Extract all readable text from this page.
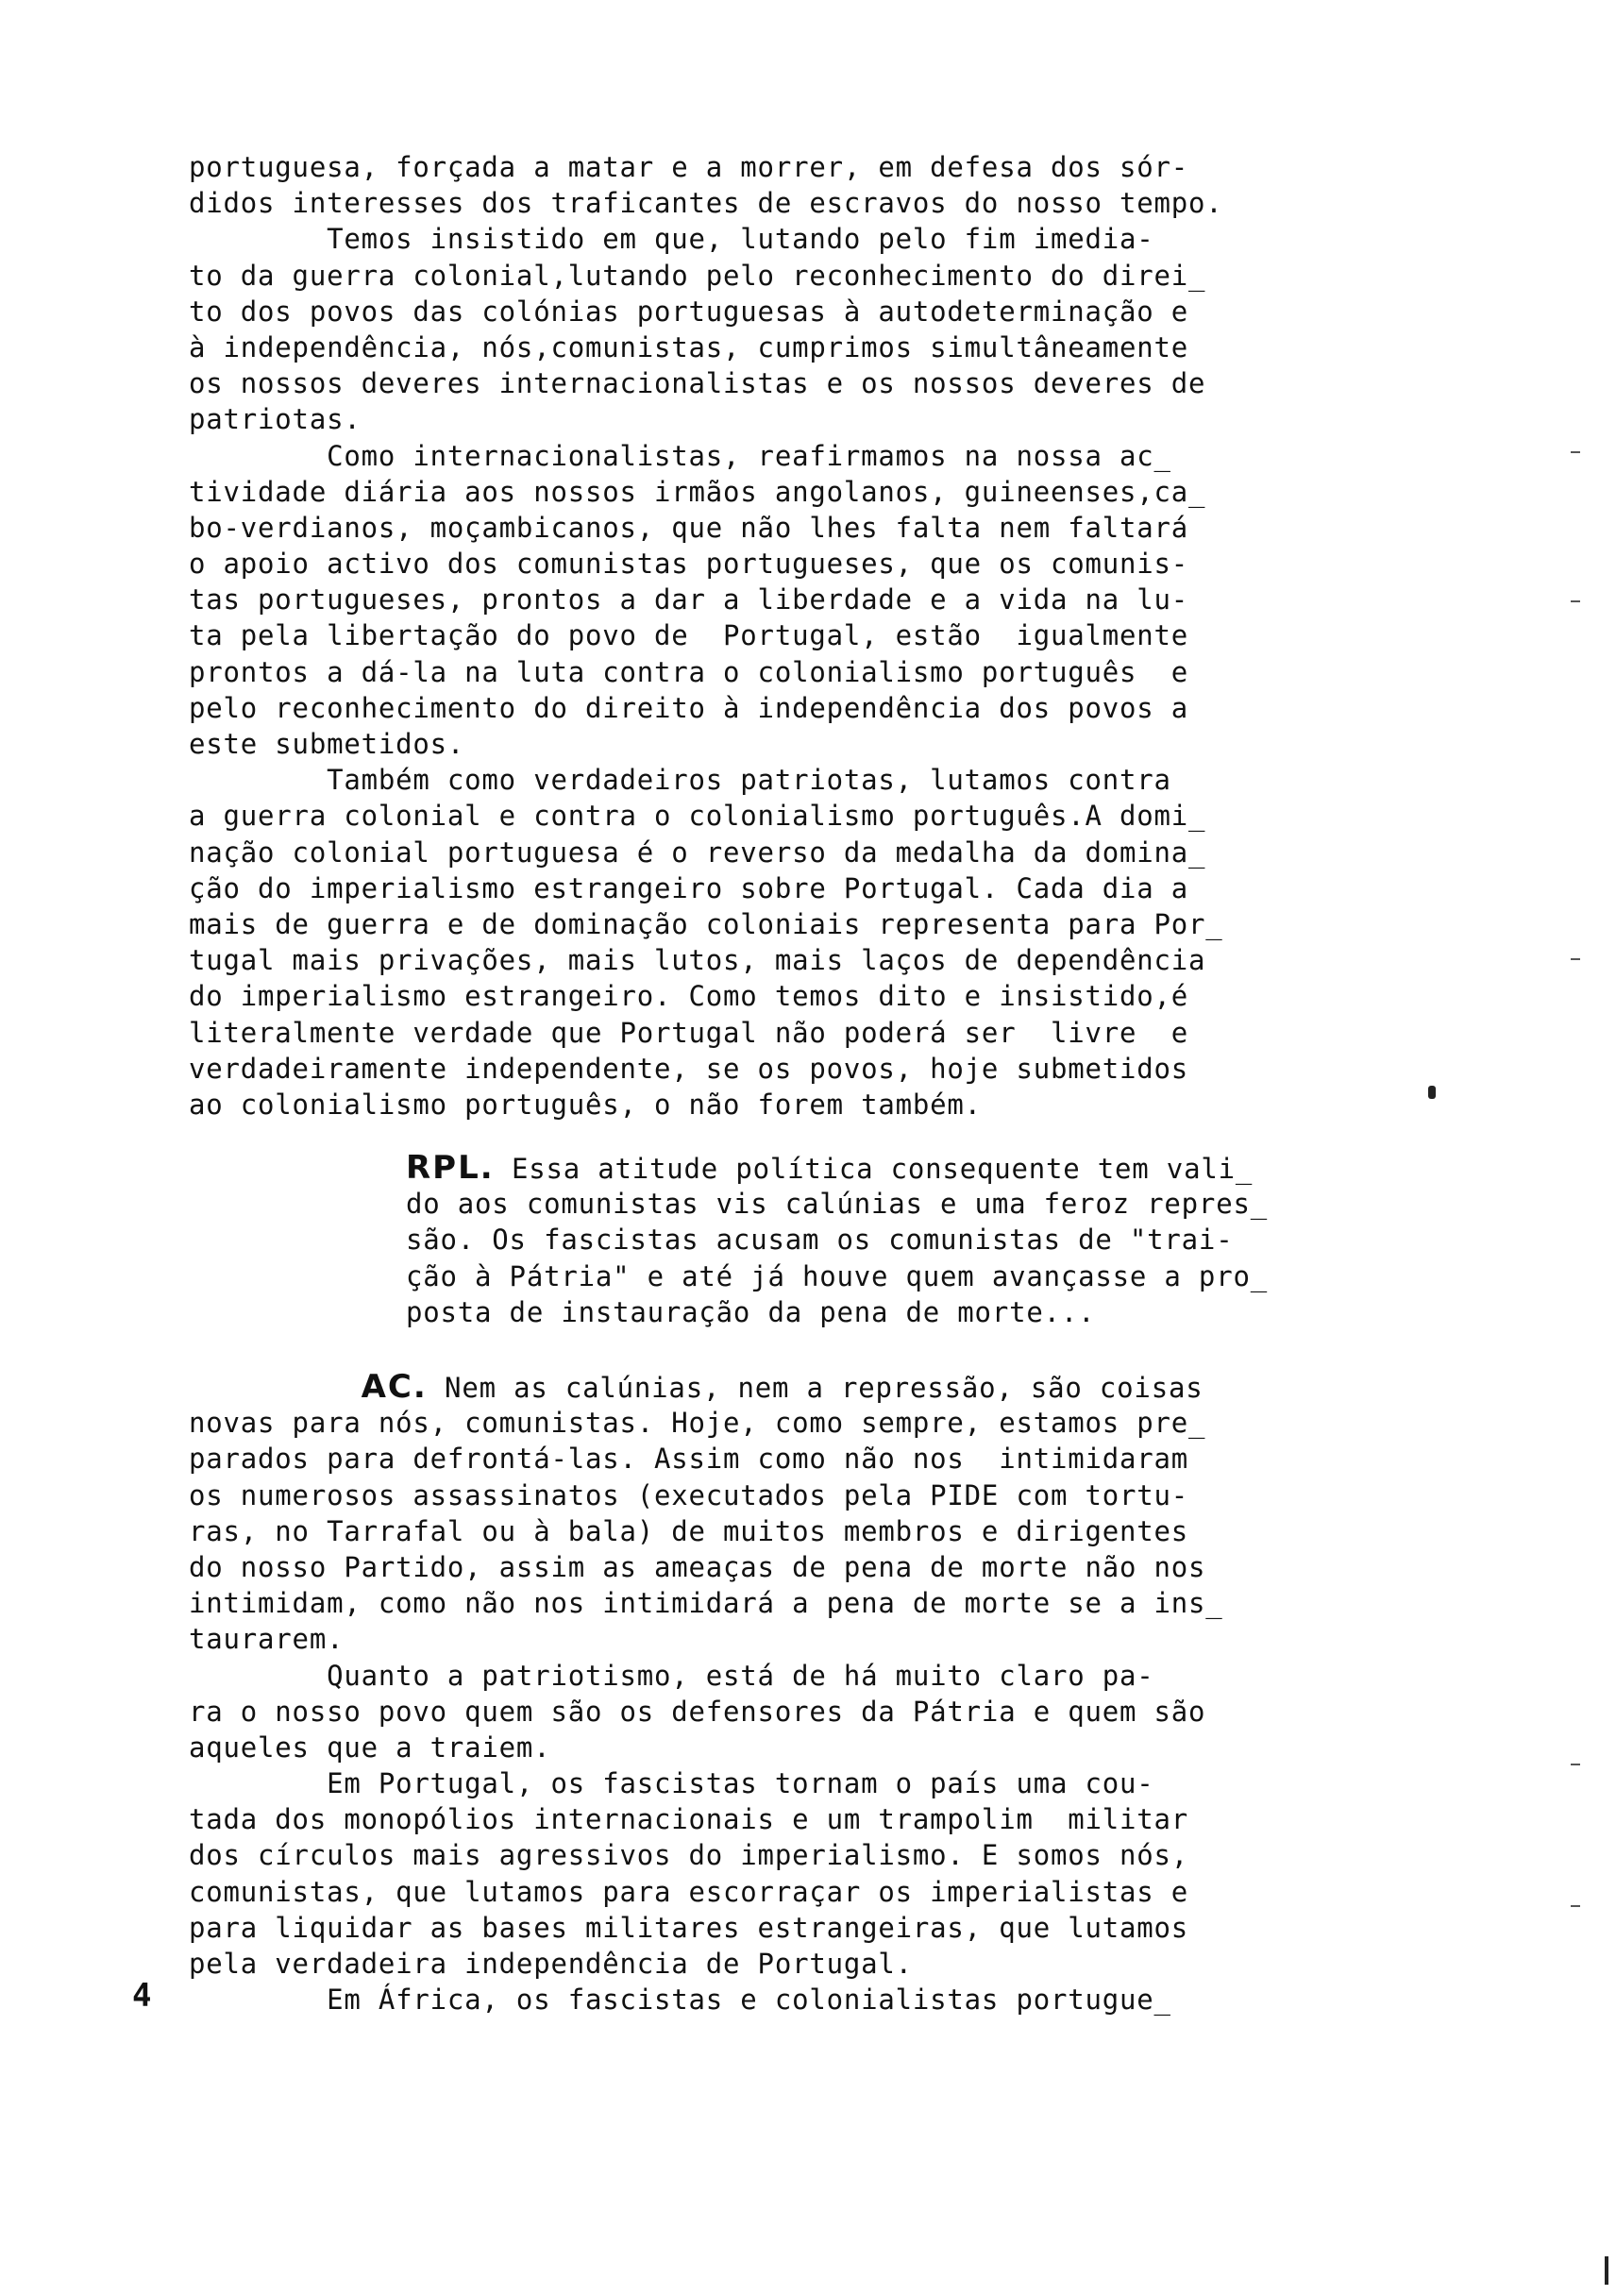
portuguesa, forçada a matar e a morrer, em defesa dos sór-
didos interesses dos traficantes de escravos do nosso tempo.
Temos insistido em que, lutando pelo fim imedia-
to da guerra colonial,lutando pelo reconhecimento do direi_
to dos povos das colónias portuguesas à autodeterminação e
à independência, nós,comunistas, cumprimos simultâneamente
os nossos deveres internacionalistas e os nossos deveres de
patriotas.
Como internacionalistas, reafirmamos na nossa ac_
tividade diária aos nossos irmãos angolanos, guineenses,ca_
bo-verdianos, moçambicanos, que não lhes falta nem faltará
o apoio activo dos comunistas portugueses, que os comunis-
tas portugueses, prontos a dar a liberdade e a vida na lu-
ta pela libertação do povo de  Portugal, estão  igualmente
prontos a dá-la na luta contra o colonialismo português  e
pelo reconhecimento do direito à independência dos povos a
este submetidos.
Também como verdadeiros patriotas, lutamos contra
a guerra colonial e contra o colonialismo português.A domi_
nação colonial portuguesa é o reverso da medalha da domina_
ção do imperialismo estrangeiro sobre Portugal. Cada dia a
mais de guerra e de dominação coloniais representa para Por_
tugal mais privações, mais lutos, mais laços de dependência
do imperialismo estrangeiro. Como temos dito e insistido,é
literalmente verdade que Portugal não poderá ser  livre  e
verdadeiramente independente, se os povos, hoje submetidos
ao colonialismo português, o não forem também.
RPL. Essa atitude política consequente tem vali_
do aos comunistas vis calúnias e uma feroz repres_
são. Os fascistas acusam os comunistas de "trai-
ção à Pátria" e até já houve quem avançasse a pro_
posta de instauração da pena de morte...
AC. Nem as calúnias, nem a repressão, são coisas
novas para nós, comunistas. Hoje, como sempre, estamos pre_
parados para defrontá-las. Assim como não nos  intimidaram
os numerosos assassinatos (executados pela PIDE com tortu-
ras, no Tarrafal ou à bala) de muitos membros e dirigentes
do nosso Partido, assim as ameaças de pena de morte não nos
intimidam, como não nos intimidará a pena de morte se a ins_
taurarem.
Quanto a patriotismo, está de há muito claro pa-
ra o nosso povo quem são os defensores da Pátria e quem são
aqueles que a traiem.
Em Portugal, os fascistas tornam o país uma cou-
tada dos monopólios internacionais e um trampolim  militar
dos círculos mais agressivos do imperialismo. E somos nós,
comunistas, que lutamos para escorraçar os imperialistas e
para liquidar as bases militares estrangeiras, que lutamos
pela verdadeira independência de Portugal.
Em África, os fascistas e colonialistas portugue_
4
